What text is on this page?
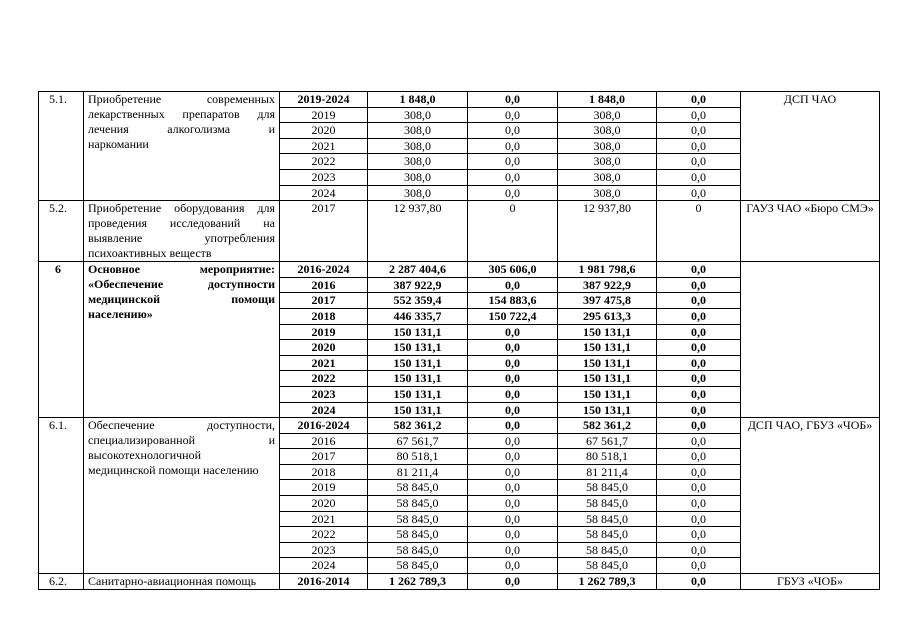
5.1.	Приобретение современных
лекарственных препаратов для
лечения алкоголизма и
наркомании	2019-2024	1 848,0	0,0	1 848,0	0,0	ДСП ЧАО
		2019	308,0	0,0	308,0	0,0	
		2020	308,0	0,0	308,0	0,0	
		2021	308,0	0,0	308,0	0,0	
		2022	308,0	0,0	308,0	0,0	
		2023	308,0	0,0	308,0	0,0	
		2024	308,0	0,0	308,0	0,0	
5.2.	Приобретение оборудования для
проведения исследований на
выявление употребления
психоактивных веществ	2017	12 937,80	0	12 937,80	0	ГАУЗ ЧАО «Бюро СМЭ»
6	Основное мероприятие:
«Обеспечение доступности
медицинской помощи
населению»	2016-2024	2 287 404,6	305 606,0	1 981 798,6	0,0	
		2016	387 922,9	0,0	387 922,9	0,0	
		2017	552 359,4	154 883,6	397 475,8	0,0	
		2018	446 335,7	150 722,4	295 613,3	0,0	
		2019	150 131,1	0,0	150 131,1	0,0	
		2020	150 131,1	0,0	150 131,1	0,0	
		2021	150 131,1	0,0	150 131,1	0,0	
		2022	150 131,1	0,0	150 131,1	0,0	
		2023	150 131,1	0,0	150 131,1	0,0	
		2024	150 131,1	0,0	150 131,1	0,0	
6.1.	Обеспечение доступности,
специализированной и
высокотехнологичной
медицинской помощи населению	2016-2024	582 361,2	0,0	582 361,2	0,0	ДСП ЧАО, ГБУЗ «ЧОБ»
		2016	67 561,7	0,0	67 561,7	0,0	
		2017	80 518,1	0,0	80 518,1	0,0	
		2018	81 211,4	0,0	81 211,4	0,0	
		2019	58 845,0	0,0	58 845,0	0,0	
		2020	58 845,0	0,0	58 845,0	0,0	
		2021	58 845,0	0,0	58 845,0	0,0	
		2022	58 845,0	0,0	58 845,0	0,0	
		2023	58 845,0	0,0	58 845,0	0,0	
		2024	58 845,0	0,0	58 845,0	0,0	
6.2.	Санитарно-авиационная помощь	2016-2014	1 262 789,3	0,0	1 262 789,3	0,0	ГБУЗ «ЧОБ»
